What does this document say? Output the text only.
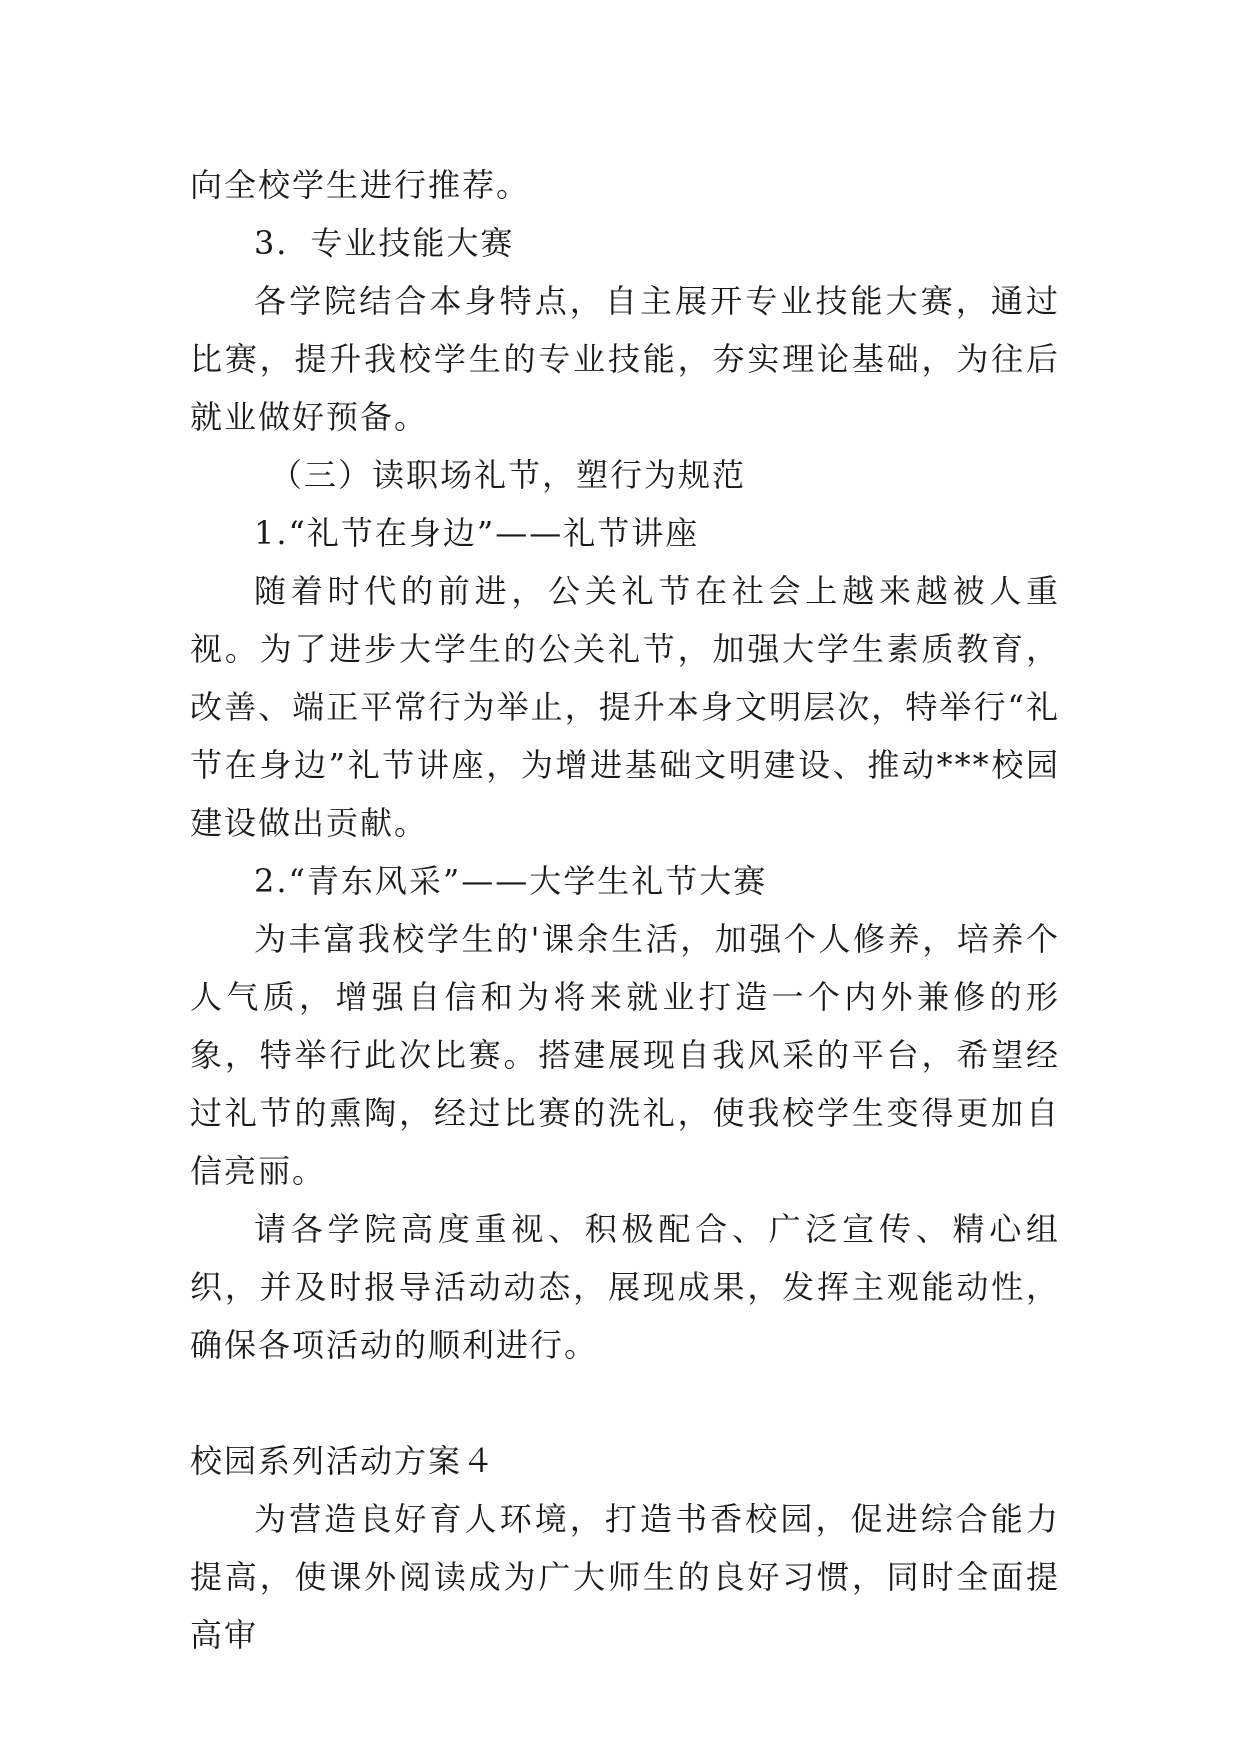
向全校学生进行推荐。

3．专业技能大赛

各学院结合本身特点，自主展开专业技能大赛，通过比赛，提升我校学生的专业技能，夯实理论基础，为往后就业做好预备。

（三）读职场礼节，塑行为规范

1.“礼节在身边”——礼节讲座

随着时代的前进，公关礼节在社会上越来越被人重视。为了进步大学生的公关礼节，加强大学生素质教育，改善、端正平常行为举止，提升本身文明层次，特举行“礼节在身边”礼节讲座，为增进基础文明建设、推动***校园建设做出贡献。

2.“青东风采”——大学生礼节大赛

为丰富我校学生的'课余生活，加强个人修养，培养个人气质，增强自信和为将来就业打造一个内外兼修的形象，特举行此次比赛。搭建展现自我风采的平台，希望经过礼节的熏陶，经过比赛的洗礼，使我校学生变得更加自信亮丽。

请各学院高度重视、积极配合、广泛宣传、精心组织，并及时报导活动动态，展现成果，发挥主观能动性，确保各项活动的顺利进行。

校园系列活动方案４

为营造良好育人环境，打造书香校园，促进综合能力提高，使课外阅读成为广大师生的良好习惯，同时全面提高审
